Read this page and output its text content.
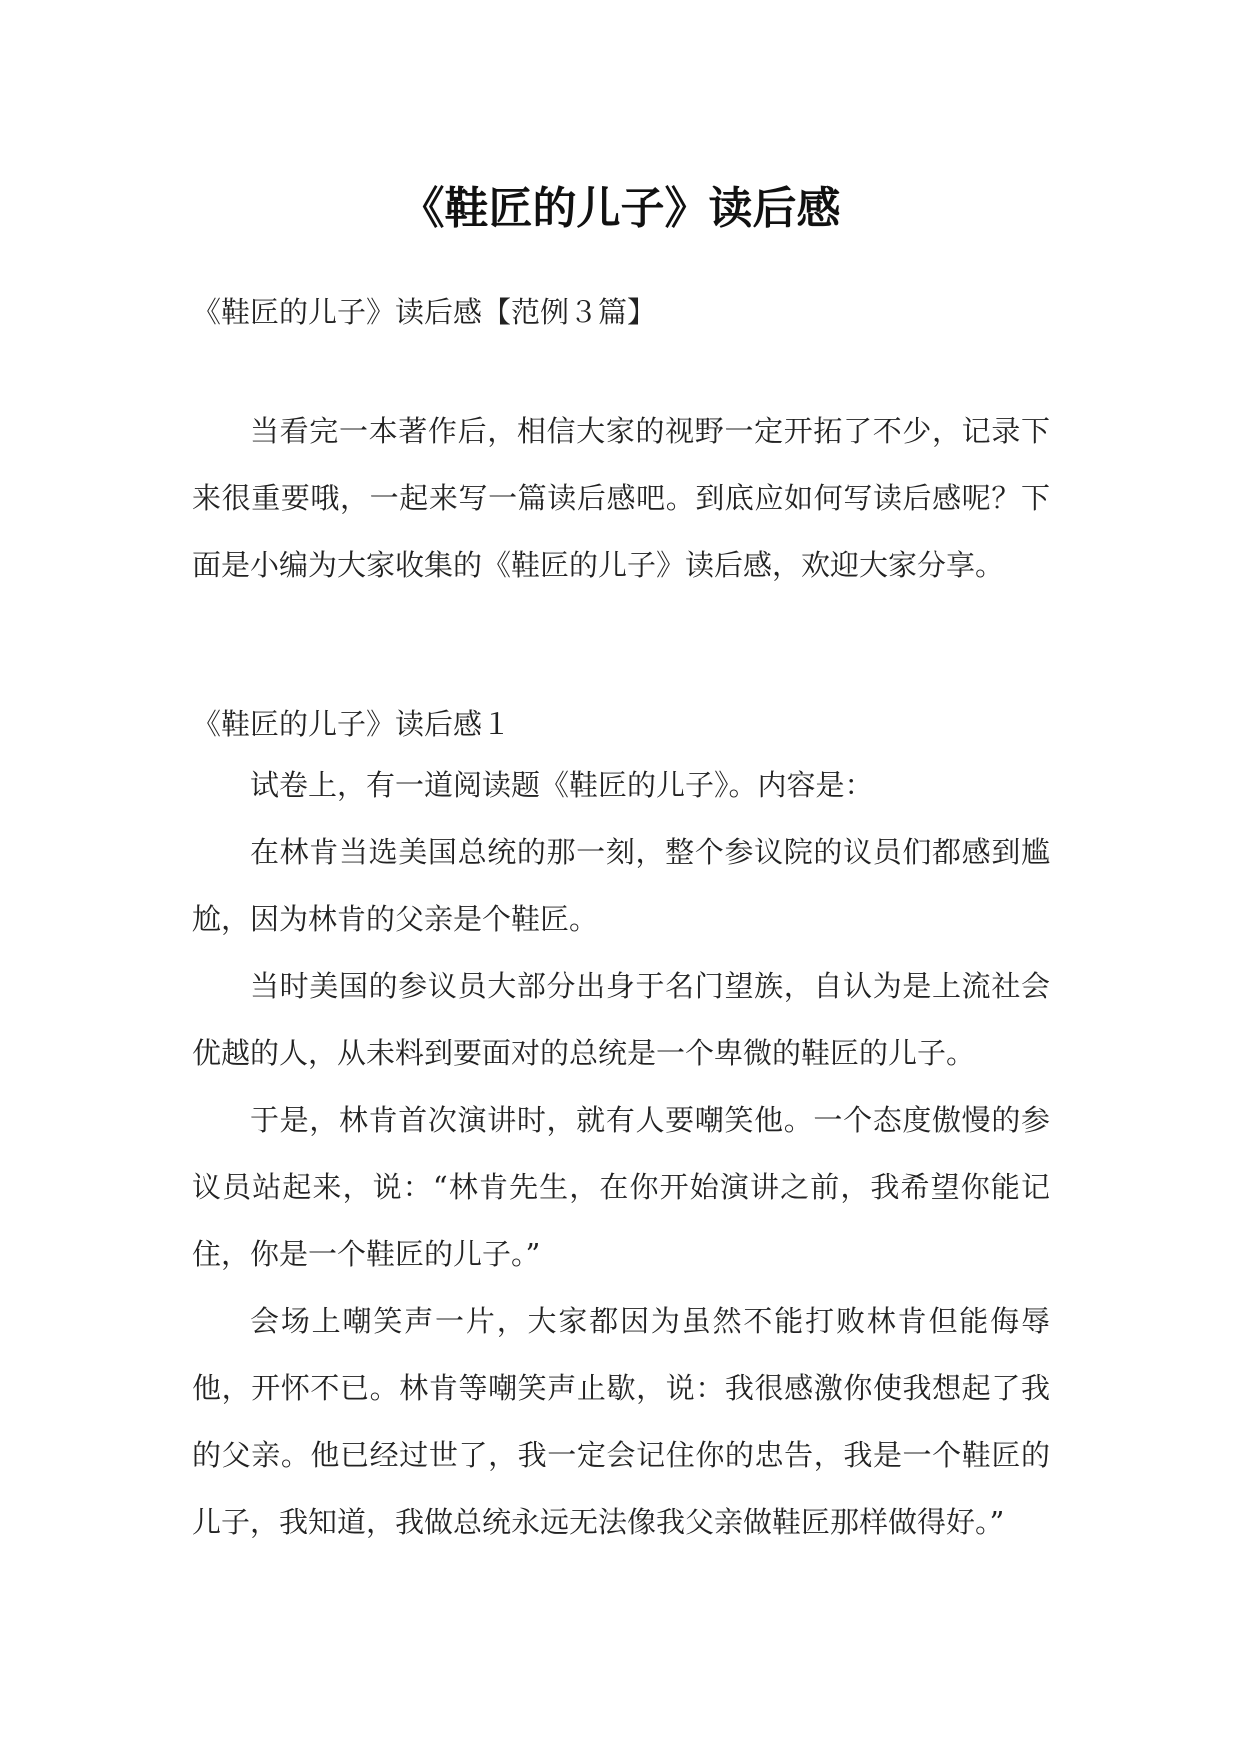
《鞋匠的儿子》读后感
《鞋匠的儿子》读后感【范例３篇】

当看完一本著作后，相信大家的视野一定开拓了不少，记录下来很重要哦，一起来写一篇读后感吧。到底应如何写读后感呢？下面是小编为大家收集的《鞋匠的儿子》读后感，欢迎大家分享。

《鞋匠的儿子》读后感１

试卷上，有一道阅读题《鞋匠的儿子》。内容是：

在林肯当选美国总统的那一刻，整个参议院的议员们都感到尴尬，因为林肯的父亲是个鞋匠。

当时美国的参议员大部分出身于名门望族，自认为是上流社会优越的人，从未料到要面对的总统是一个卑微的鞋匠的儿子。

于是，林肯首次演讲时，就有人要嘲笑他。一个态度傲慢的参议员站起来，说：“林肯先生，在你开始演讲之前，我希望你能记住，你是一个鞋匠的儿子。”

会场上嘲笑声一片，大家都因为虽然不能打败林肯但能侮辱他，开怀不已。林肯等嘲笑声止歇，说：我很感激你使我想起了我的父亲。他已经过世了，我一定会记住你的忠告，我是一个鞋匠的儿子，我知道，我做总统永远无法像我父亲做鞋匠那样做得好。”
